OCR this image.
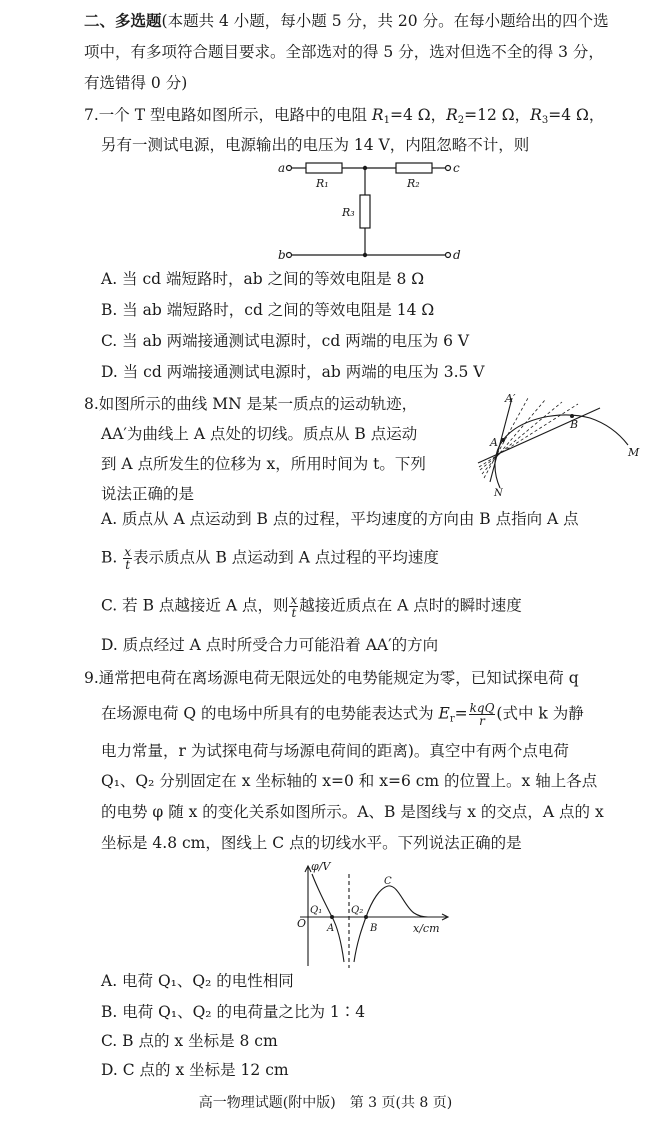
二、多选题(本题共 4 小题，每小题 5 分，共 20 分。在每小题给出的四个选
项中，有多项符合题目要求。全部选对的得 5 分，选对但选不全的得 3 分，
有选错得 0 分)
7.一个 T 型电路如图所示，电路中的电阻 $R_1=4$ Ω，$R_2=12$ Ω，$R_3=4$ Ω，
另有一测试电源，电源输出的电压为 14 V，内阻忽略不计，则
a
b
c
d
R₁	R₂
R₃
A. 当 cd 端短路时，ab 之间的等效电阻是 8 Ω
B. 当 ab 端短路时，cd 之间的等效电阻是 14 Ω
C. 当 ab 两端接通测试电源时，cd 两端的电压为 6 V
D. 当 cd 两端接通测试电源时，ab 两端的电压为 3.5 V
8.如图所示的曲线 MN 是某一质点的运动轨迹，
AA′为曲线上 A 点处的切线。质点从 B 点运动
到 A 点所发生的位移为 x，所用时间为 t。下列
说法正确的是
A′
A
B
M
N
A. 质点从 A 点运动到 B 点的过程，平均速度的方向由 B 点指向 A 点
B. $\frac{x}{t}$ 表示质点从 B 点运动到 A 点过程的平均速度
C. 若 B 点越接近 A 点，则 $\frac{x}{t}$ 越接近质点在 A 点时的瞬时速度
D. 质点经过 A 点时所受合力可能沿着 AA′的方向
9.通常把电荷在离场源电荷无限远处的电势能规定为零，已知试探电荷 q
在场源电荷 Q 的电场中所具有的电势能表达式为 $E_r= \frac{\text{kqQ}}{r}$ (式中 k 为静
电力常量，r 为试探电荷与场源电荷间的距离)。真空中有两个点电荷
Q₁、Q₂ 分别固定在 x 坐标轴的 x=0 和 x=6 cm 的位置上。x 轴上各点
的电势 φ 随 x 的变化关系如图所示。A、B 是图线与 x 的交点，A 点的 x
坐标是 4.8 cm，图线上 C 点的切线水平。下列说法正确的是
φ/V
x/cm
O
Q₁	Q₂
A	B
C
A. 电荷 Q₁、Q₂ 的电性相同
B. 电荷 Q₁、Q₂ 的电荷量之比为 1∶4
C. B 点的 x 坐标是 8 cm
D. C 点的 x 坐标是 12 cm
高一物理试题(附中版)　第 3 页(共 8 页)
